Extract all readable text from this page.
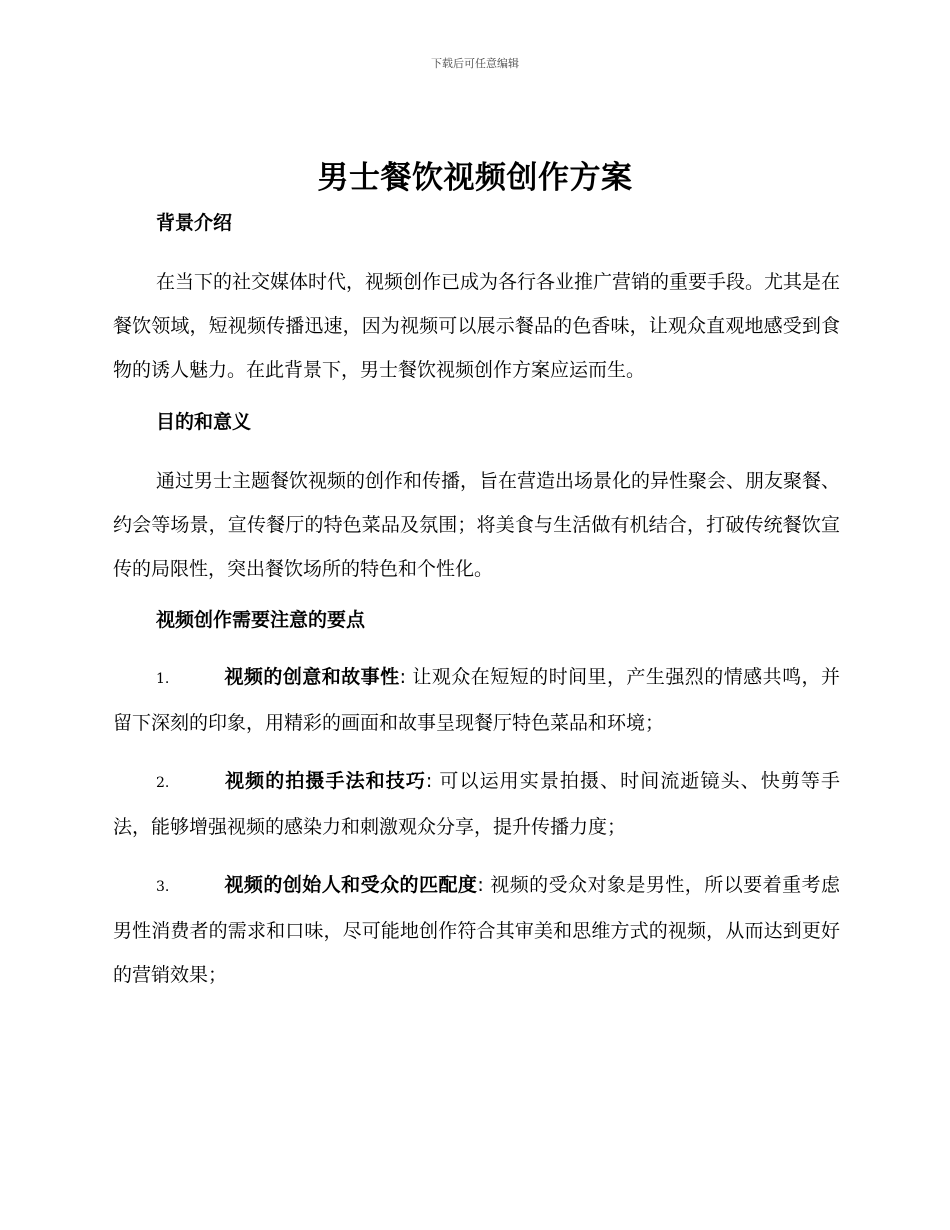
下载后可任意编辑
男士餐饮视频创作方案
背景介绍

在当下的社交媒体时代，视频创作已成为各行各业推广营销的重要手段。尤其是在餐饮领域，短视频传播迅速，因为视频可以展示餐品的色香味，让观众直观地感受到食物的诱人魅力。在此背景下，男士餐饮视频创作方案应运而生。

目的和意义

通过男士主题餐饮视频的创作和传播，旨在营造出场景化的异性聚会、朋友聚餐、约会等场景，宣传餐厅的特色菜品及氛围；将美食与生活做有机结合，打破传统餐饮宣传的局限性，突出餐饮场所的特色和个性化。

视频创作需要注意的要点

1.	视频的创意和故事性: 让观众在短短的时间里，产生强烈的情感共鸣，并留下深刻的印象，用精彩的画面和故事呈现餐厅特色菜品和环境；

2.	视频的拍摄手法和技巧: 可以运用实景拍摄、时间流逝镜头、快剪等手法，能够增强视频的感染力和刺激观众分享，提升传播力度；

3.	视频的创始人和受众的匹配度: 视频的受众对象是男性，所以要着重考虑男性消费者的需求和口味，尽可能地创作符合其审美和思维方式的视频，从而达到更好的营销效果；
